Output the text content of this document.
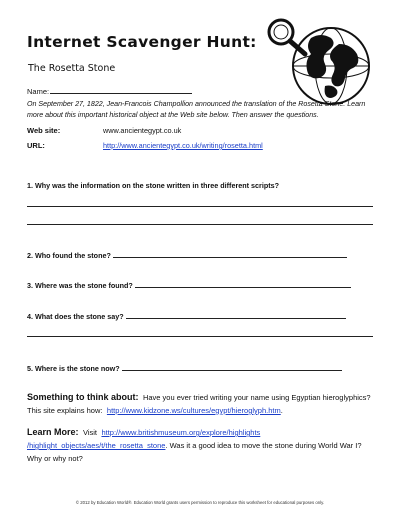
Internet Scavenger Hunt:
The Rosetta Stone
Name:
On September 27, 1822, Jean-Francois Champollion announced the translation of the Rosetta Stone. Learn more about this important historical object at the Web site below. Then answer the questions.
Web site:	www.ancientegypt.co.uk
URL:	http://www.ancientegypt.co.uk/writing/rosetta.html
1. Why was the information on the stone written in three different scripts?
2. Who found the stone?
3. Where was the stone found?
4. What does the stone say?
5. Where is the stone now?
Something to think about: Have you ever tried writing your name using Egyptian hieroglyphics?
This site explains how: http://www.kidzone.ws/cultures/egypt/hieroglyph.htm.
Learn More: Visit http://www.britishmuseum.org/explore/highlights
/highlight_objects/aes/t/the_rosetta_stone. Was it a good idea to move the stone during World War I?
Why or why not?
© 2012 by Education World®. Education World grants users permission to reproduce this worksheet for educational purposes only.
